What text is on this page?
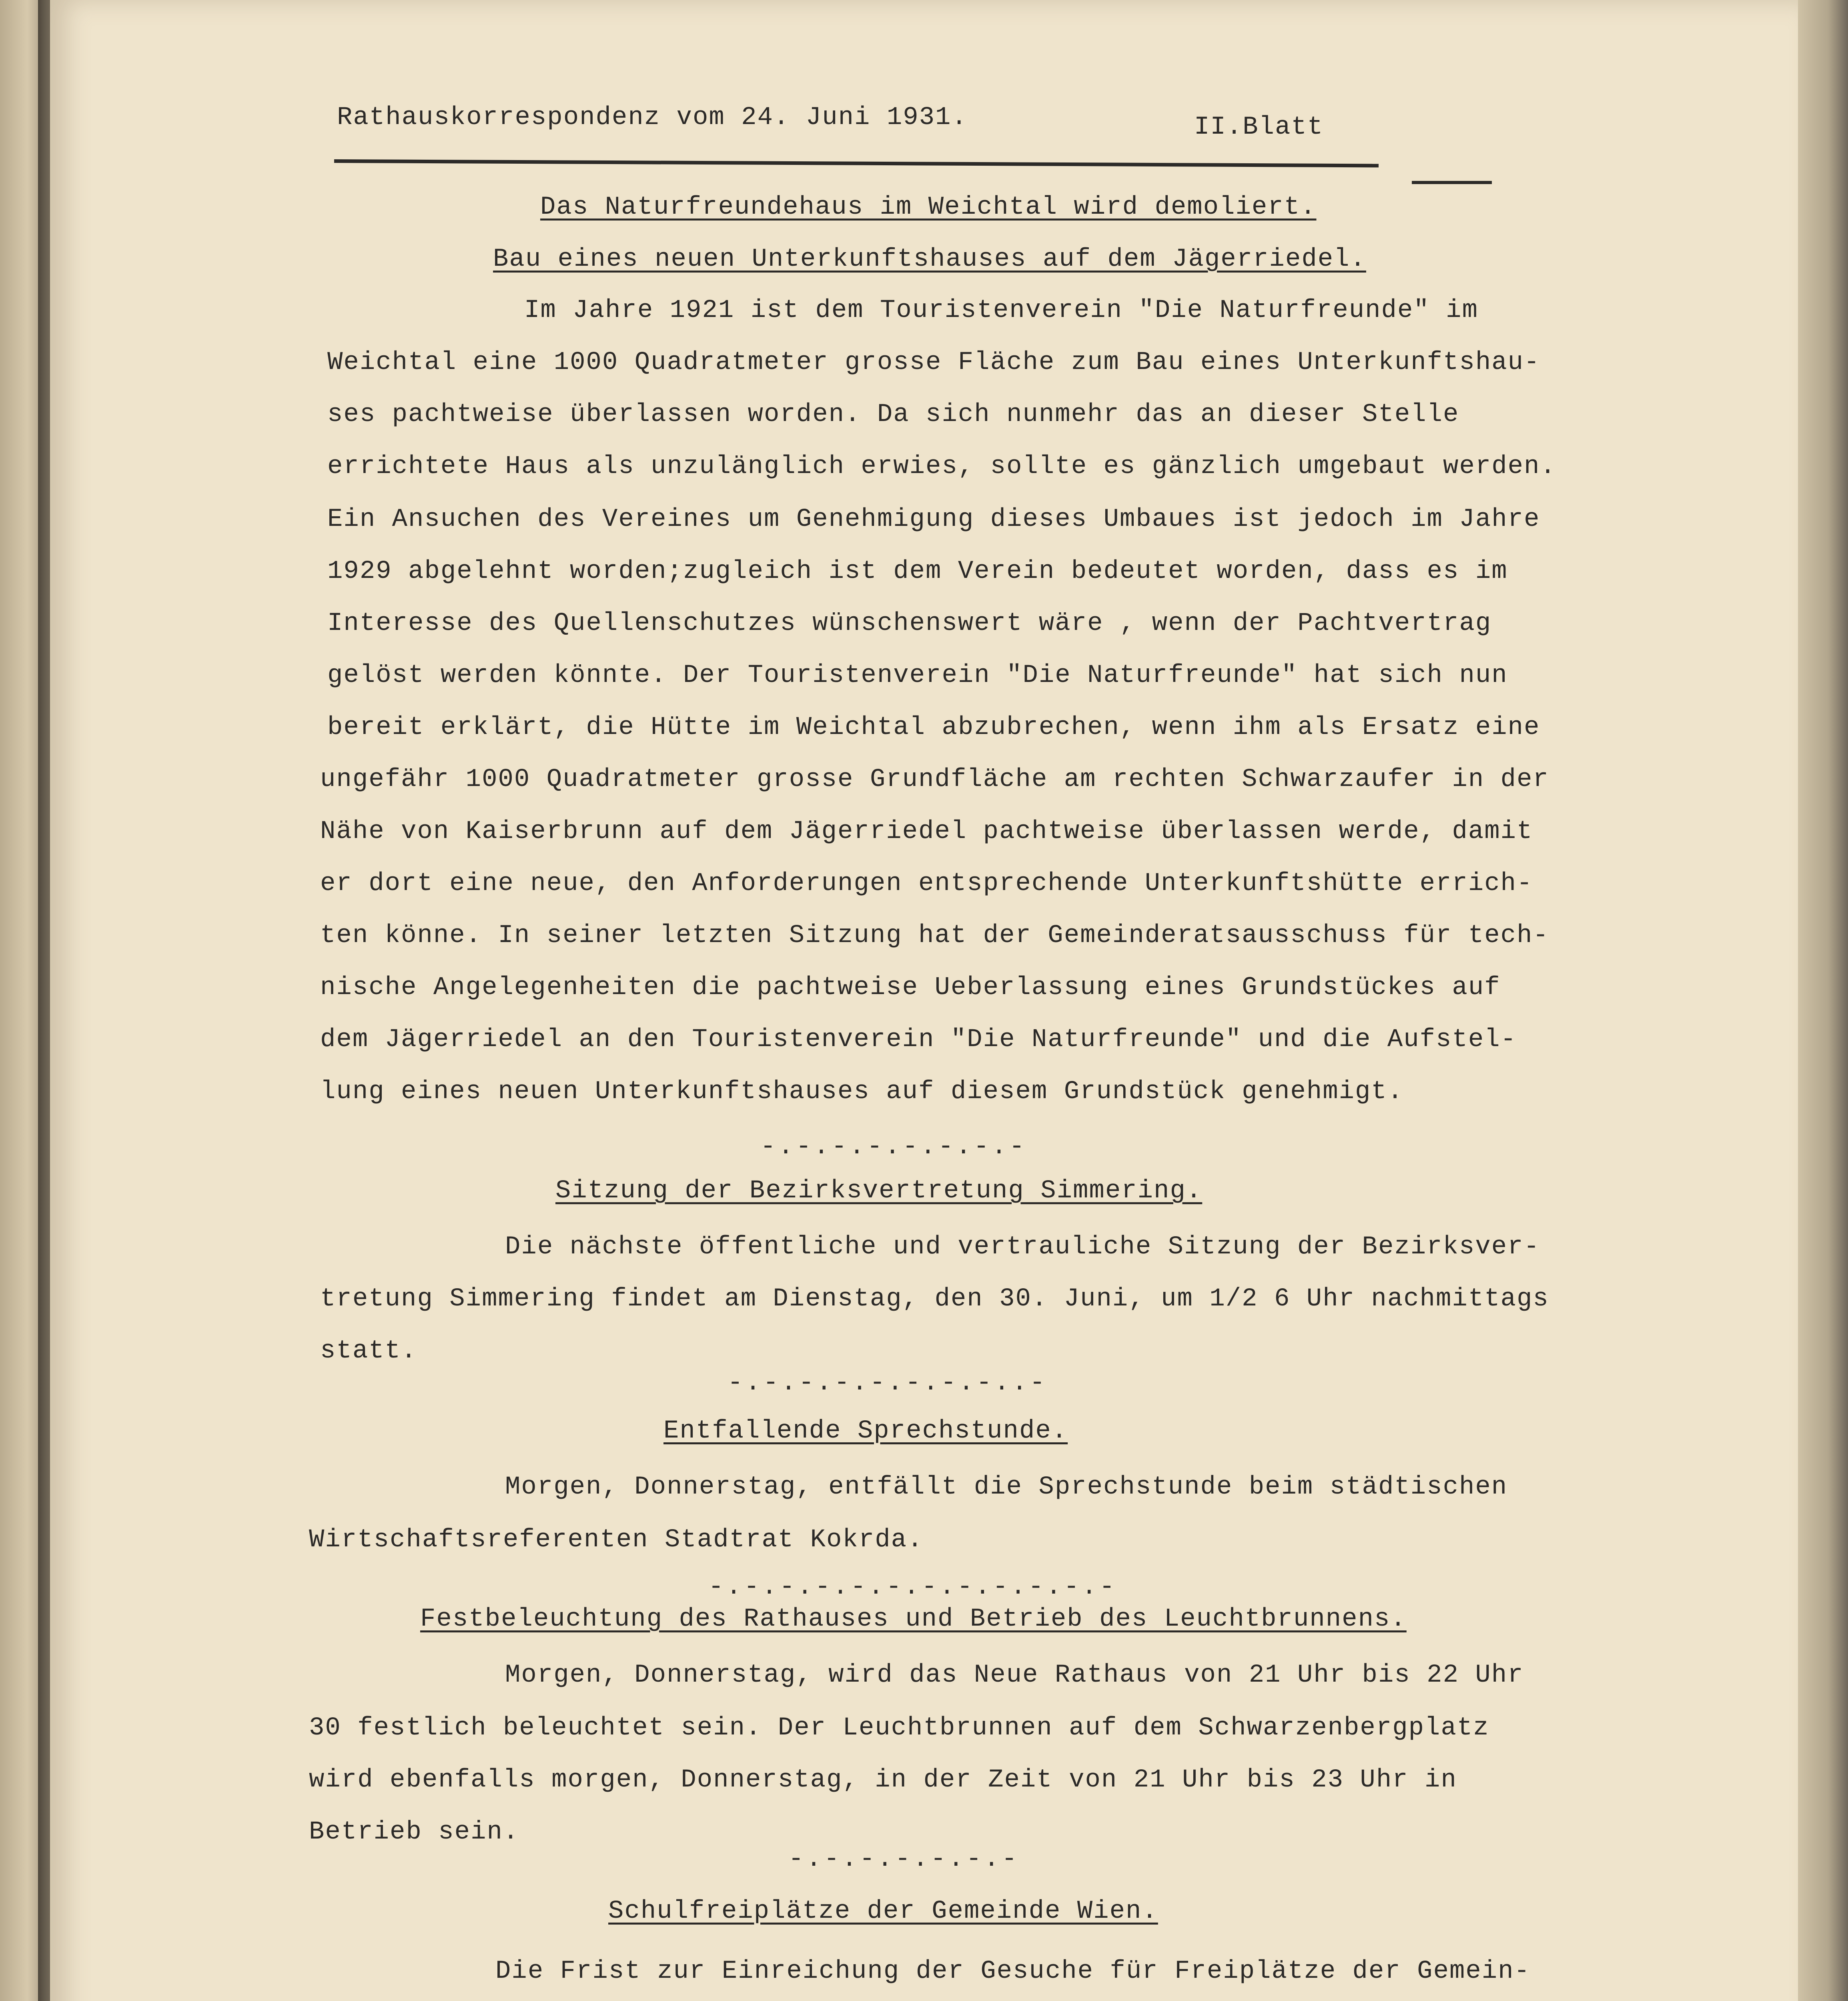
Rathauskorrespondenz vom 24. Juni 1931.	II.Blatt
Das Naturfreundehaus im Weichtal wird demoliert.
Bau eines neuen Unterkunftshauses auf dem Jägerriedel.
Im Jahre 1921 ist dem Touristenverein "Die Naturfreunde" im
Weichtal eine 1000 Quadratmeter grosse Fläche zum Bau eines Unterkunftshau-
ses pachtweise überlassen worden. Da sich nunmehr das an dieser Stelle
errichtete Haus als unzulänglich erwies, sollte es gänzlich umgebaut werden.
Ein Ansuchen des Vereines um Genehmigung dieses Umbaues ist jedoch im Jahre
1929 abgelehnt worden;zugleich ist dem Verein bedeutet worden, dass es im
Interesse des Quellenschutzes wünschenswert wäre , wenn der Pachtvertrag
gelöst werden könnte. Der Touristenverein "Die Naturfreunde" hat sich nun
bereit erklärt, die Hütte im Weichtal abzubrechen, wenn ihm als Ersatz eine
ungefähr 1000 Quadratmeter grosse Grundfläche am rechten Schwarzaufer in der
Nähe von Kaiserbrunn auf dem Jägerriedel pachtweise überlassen werde, damit
er dort eine neue, den Anforderungen entsprechende Unterkunftshütte errich-
ten könne. In seiner letzten Sitzung hat der Gemeinderatsausschuss für tech-
nische Angelegenheiten die pachtweise Ueberlassung eines Grundstückes auf
dem Jägerriedel an den Touristenverein "Die Naturfreunde" und die Aufstel-
lung eines neuen Unterkunftshauses auf diesem Grundstück genehmigt.
-.-.-.-.-.-.-.-
Sitzung der Bezirksvertretung Simmering.
Die nächste öffentliche und vertrauliche Sitzung der Bezirksver-
tretung Simmering findet am Dienstag, den 30. Juni, um 1/2 6 Uhr nachmittags
statt.
-.-.-.-.-.-.-.-..-
Entfallende Sprechstunde.
Morgen, Donnerstag, entfällt die Sprechstunde beim städtischen
Wirtschaftsreferenten Stadtrat Kokrda.
-.-.-.-.-.-.-.-.-.-.-.-
Festbeleuchtung des Rathauses und Betrieb des Leuchtbrunnens.
Morgen, Donnerstag, wird das Neue Rathaus von 21 Uhr bis 22 Uhr
30 festlich beleuchtet sein. Der Leuchtbrunnen auf dem Schwarzenbergplatz
wird ebenfalls morgen, Donnerstag, in der Zeit von 21 Uhr bis 23 Uhr in
Betrieb sein.
-.-.-.-.-.-.-
Schulfreiplätze der Gemeinde Wien.
Die Frist zur Einreichung der Gesuche für Freiplätze der Gemein-
